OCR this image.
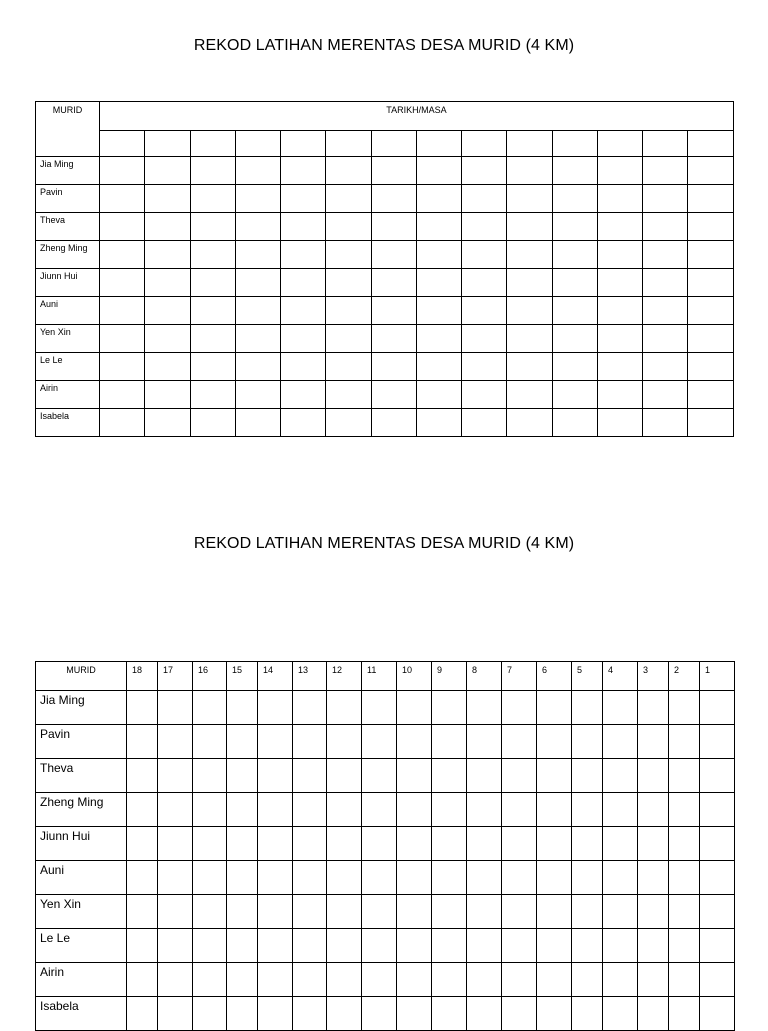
REKOD LATIHAN MERENTAS DESA MURID (4 KM)
MURID	TARIKH/MASA													

Jia Ming														
Pavin														
Theva														
Zheng Ming														
Jiunn Hui														
Auni														
Yen Xin														
Le Le														
Airin														
Isabela														
REKOD LATIHAN MERENTAS DESA MURID (4 KM)
MURID	18	17	16	15	14	13	12	11	10	9	8	7	6	5	4	3	2	1
Jia Ming																		
Pavin																		
Theva																		
Zheng Ming																		
Jiunn Hui																		
Auni																		
Yen Xin																		
Le Le																		
Airin																		
Isabela																		
